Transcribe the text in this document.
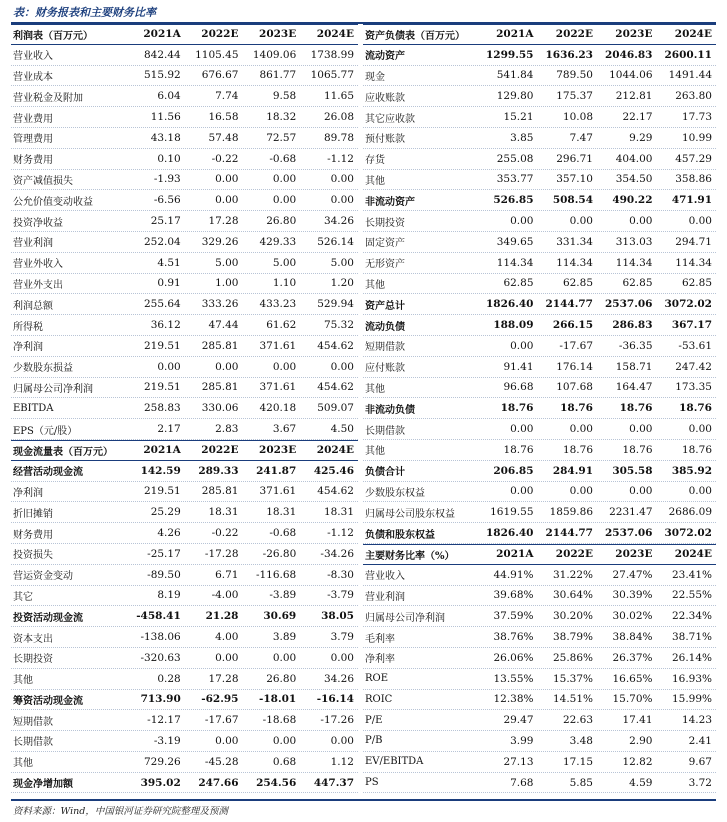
表：财务报表和主要财务比率
利润表（百万元）	2021A	2022E	2023E	2024E
营业收入	842.44	1105.45	1409.06	1738.99
营业成本	515.92	676.67	861.77	1065.77
营业税金及附加	6.04	7.74	9.58	11.65
营业费用	11.56	16.58	18.32	26.08
管理费用	43.18	57.48	72.57	89.78
财务费用	0.10	-0.22	-0.68	-1.12
资产减值损失	-1.93	0.00	0.00	0.00
公允价值变动收益	-6.56	0.00	0.00	0.00
投资净收益	25.17	17.28	26.80	34.26
营业利润	252.04	329.26	429.33	526.14
营业外收入	4.51	5.00	5.00	5.00
营业外支出	0.91	1.00	1.10	1.20
利润总额	255.64	333.26	433.23	529.94
所得税	36.12	47.44	61.62	75.32
净利润	219.51	285.81	371.61	454.62
少数股东损益	0.00	0.00	0.00	0.00
归属母公司净利润	219.51	285.81	371.61	454.62
EBITDA	258.83	330.06	420.18	509.07
EPS（元/股）	2.17	2.83	3.67	4.50
现金流量表（百万元）	2021A	2022E	2023E	2024E
经营活动现金流	142.59	289.33	241.87	425.46
净利润	219.51	285.81	371.61	454.62
折旧摊销	25.29	18.31	18.31	18.31
财务费用	4.26	-0.22	-0.68	-1.12
投资损失	-25.17	-17.28	-26.80	-34.26
营运资金变动	-89.50	6.71	-116.68	-8.30
其它	8.19	-4.00	-3.89	-3.79
投资活动现金流	-458.41	21.28	30.69	38.05
资本支出	-138.06	4.00	3.89	3.79
长期投资	-320.63	0.00	0.00	0.00
其他	0.28	17.28	26.80	34.26
筹资活动现金流	713.90	-62.95	-18.01	-16.14
短期借款	-12.17	-17.67	-18.68	-17.26
长期借款	-3.19	0.00	0.00	0.00
其他	729.26	-45.28	0.68	1.12
现金净增加额	395.02	247.66	254.56	447.37
资产负债表（百万元）	2021A	2022E	2023E	2024E
流动资产	1299.55	1636.23	2046.83	2600.11
现金	541.84	789.50	1044.06	1491.44
应收账款	129.80	175.37	212.81	263.80
其它应收款	15.21	10.08	22.17	17.73
预付账款	3.85	7.47	9.29	10.99
存货	255.08	296.71	404.00	457.29
其他	353.77	357.10	354.50	358.86
非流动资产	526.85	508.54	490.22	471.91
长期投资	0.00	0.00	0.00	0.00
固定资产	349.65	331.34	313.03	294.71
无形资产	114.34	114.34	114.34	114.34
其他	62.85	62.85	62.85	62.85
资产总计	1826.40	2144.77	2537.06	3072.02
流动负债	188.09	266.15	286.83	367.17
短期借款	0.00	-17.67	-36.35	-53.61
应付账款	91.41	176.14	158.71	247.42
其他	96.68	107.68	164.47	173.35
非流动负债	18.76	18.76	18.76	18.76
长期借款	0.00	0.00	0.00	0.00
其他	18.76	18.76	18.76	18.76
负债合计	206.85	284.91	305.58	385.92
少数股东权益	0.00	0.00	0.00	0.00
归属母公司股东权益	1619.55	1859.86	2231.47	2686.09
负债和股东权益	1826.40	2144.77	2537.06	3072.02
主要财务比率（%）	2021A	2022E	2023E	2024E
营业收入	44.91%	31.22%	27.47%	23.41%
营业利润	39.68%	30.64%	30.39%	22.55%
归属母公司净利润	37.59%	30.20%	30.02%	22.34%
毛利率	38.76%	38.79%	38.84%	38.71%
净利率	26.06%	25.86%	26.37%	26.14%
ROE	13.55%	15.37%	16.65%	16.93%
ROIC	12.38%	14.51%	15.70%	15.99%
P/E	29.47	22.63	17.41	14.23
P/B	3.99	3.48	2.90	2.41
EV/EBITDA	27.13	17.15	12.82	9.67
PS	7.68	5.85	4.59	3.72
资料来源：Wind，中国银河证券研究院整理及预测
